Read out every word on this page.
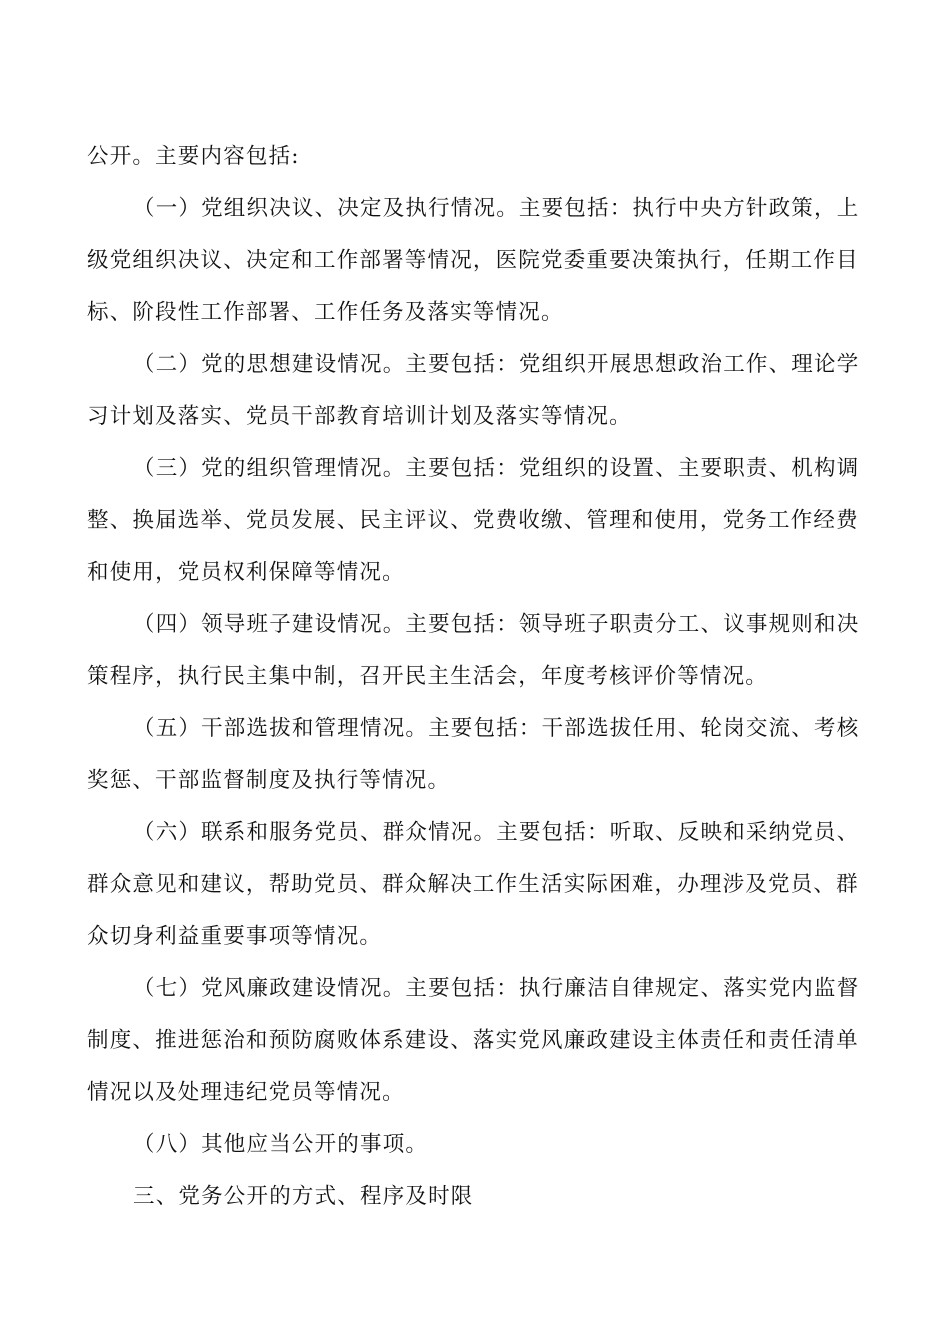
公开。主要内容包括:

（一）党组织决议、决定及执行情况。主要包括：执行中央方针政策，上
级党组织决议、决定和工作部署等情况，医院党委重要决策执行，任期工作目
标、阶段性工作部署、工作任务及落实等情况。

（二）党的思想建设情况。主要包括：党组织开展思想政治工作、理论学
习计划及落实、党员干部教育培训计划及落实等情况。

（三）党的组织管理情况。主要包括：党组织的设置、主要职责、机构调
整、换届选举、党员发展、民主评议、党费收缴、管理和使用，党务工作经费
和使用，党员权利保障等情况。

（四）领导班子建设情况。主要包括：领导班子职责分工、议事规则和决
策程序，执行民主集中制，召开民主生活会，年度考核评价等情况。

（五）干部选拔和管理情况。主要包括：干部选拔任用、轮岗交流、考核
奖惩、干部监督制度及执行等情况。

（六）联系和服务党员、群众情况。主要包括：听取、反映和采纳党员、
群众意见和建议，帮助党员、群众解决工作生活实际困难，办理涉及党员、群
众切身利益重要事项等情况。

（七）党风廉政建设情况。主要包括：执行廉洁自律规定、落实党内监督
制度、推进惩治和预防腐败体系建设、落实党风廉政建设主体责任和责任清单
情况以及处理违纪党员等情况。

（八）其他应当公开的事项。

三、党务公开的方式、程序及时限
